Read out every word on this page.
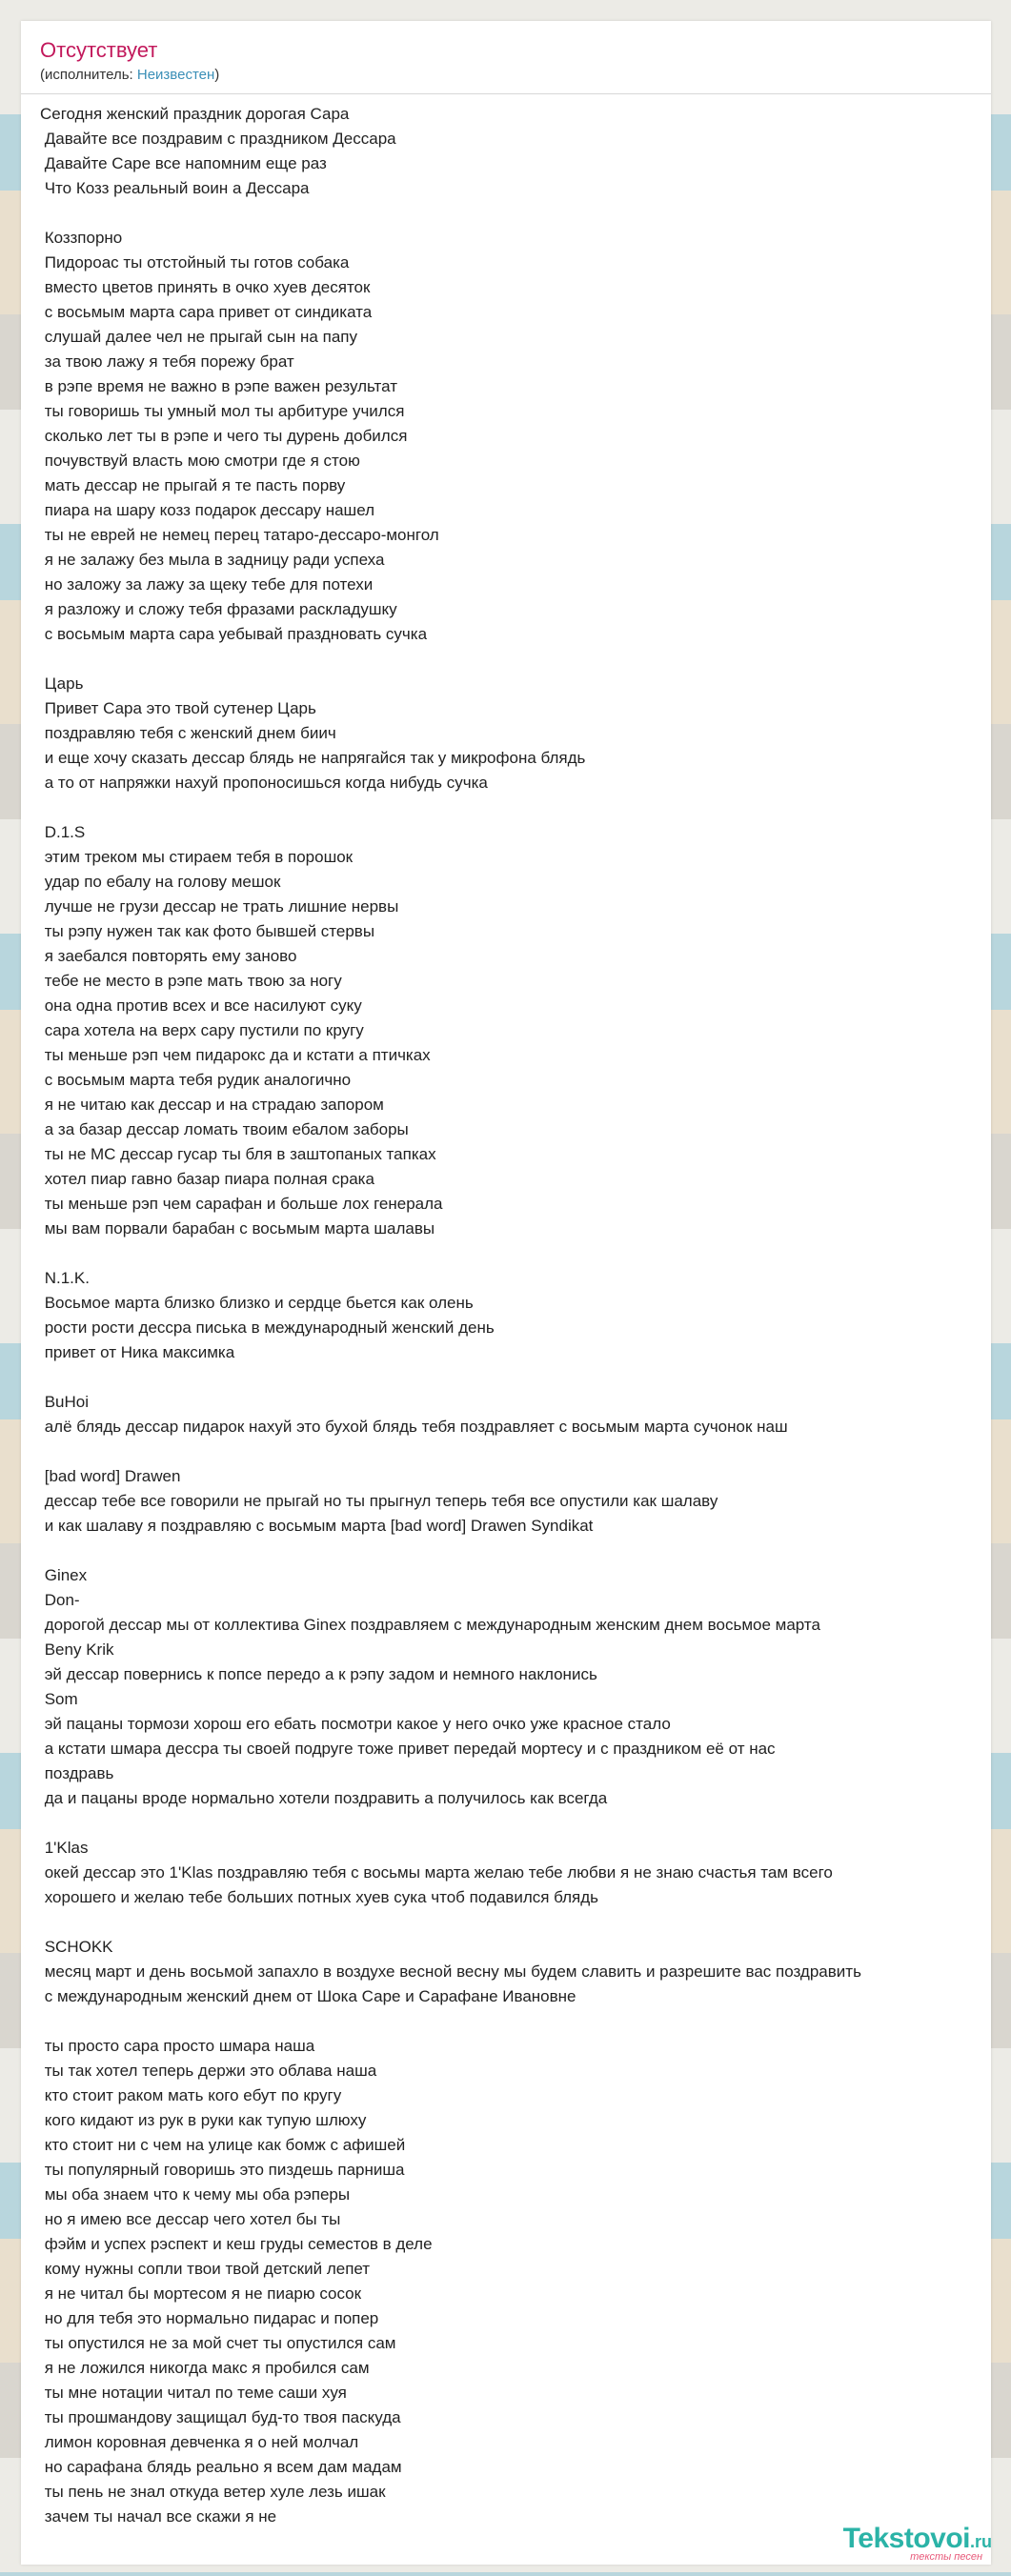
Отсутствует
(исполнитель: Неизвестен)
Сегодня женский праздник дорогая Сара
Давайте все поздравим с праздником Дессара
Давайте Саре все напомним еще раз
Что Козз реальный воин а Дессара
Коззпорно
Пидороас ты отстойный ты готов собака
вместо цветов принять в очко хуев десяток
с восьмым марта сара привет от синдиката
слушай далее чел не прыгай сын на папу
за твою лажу я тебя порежу брат
в рэпе время не важно в рэпе важен результат
ты говоришь ты умный мол ты арбитуре учился
сколько лет ты в рэпе и чего ты дурень добился
почувствуй власть мою смотри где я стою
мать дессар не прыгай я те пасть порву
пиара на шару козз подарок дессару нашел
ты не еврей не немец перец татаро-дессаро-монгол
я не залажу без мыла в задницу ради успеха
но заложу за лажу за щеку тебе для потехи
я разложу и сложу тебя фразами раскладушку
с восьмым марта сара уебывай праздновать сучка
Царь
Привет Сара это твой сутенер Царь
поздравляю тебя с женский днем биич
и еще хочу сказать дессар блядь не напрягайся так у микрофона блядь
а то от напряжки нахуй пропоносишься когда нибудь сучка
D.1.S
этим треком мы стираем тебя в порошок
удар по ебалу на голову мешок
лучше не грузи дессар не трать лишние нервы
ты рэпу нужен так как фото бывшей стервы
я заебался повторять ему заново
тебе не место в рэпе мать твою за ногу
она одна против всех и все насилуют суку
сара хотела на верх сару пустили по кругу
ты меньше рэп чем пидарокс да и кстати а птичках
с восьмым марта тебя рудик аналогично
я не читаю как дессар и на страдаю запором
а за базар дессар ломать твоим ебалом заборы
ты не МС дессар гусар ты бля в заштопаных тапках
хотел пиар гавно базар пиара полная срака
ты меньше рэп чем сарафан и больше лох генерала
мы вам порвали барабан с восьмым марта шалавы
N.1.K.
Восьмое марта близко близко и сердце бьется как олень
рости рости дессра писька в международный женский день
привет от Ника максимка
BuHoi
алё блядь дессар пидарок нахуй это бухой блядь тебя поздравляет с восьмым марта сучонок наш
[bad word] Drawen
дессар тебе все говорили не прыгай но ты прыгнул теперь тебя все опустили как шалаву
и как шалаву я поздравляю с восьмым марта [bad word] Drawen Syndikat
Ginex
Don-
дорогой дессар мы от коллектива Ginex поздравляем с международным женским днем восьмое марта
Beny Krik
эй дессар повернись к попсе передо а к рэпу задом и немного наклонись
Som
эй пацаны тормози хорош его ебать посмотри какое у него очко уже красное стало
а кстати шмара дессра ты своей подруге тоже привет передай мортесу и с праздником её от нас
поздравь
да и пацаны вроде нормально хотели поздравить а получилось как всегда
1'Klas
окей дессар это 1'Klas поздравляю тебя с восьмы марта желаю тебе любви я не знаю счастья там всего
хорошего и желаю тебе больших потных хуев сука чтоб подавился блядь
SCHOKK
месяц март и день восьмой запахло в воздухе весной весну мы будем славить и разрешите вас поздравить
с международным женский днем от Шока Саре и Сарафане Ивановне
ты просто сара просто шмара наша
ты так хотел теперь держи это облава наша
кто стоит раком мать кого ебут по кругу
кого кидают из рук в руки как тупую шлюху
кто стоит ни с чем на улице как бомж с афишей
ты популярный говоришь это пиздешь парниша
мы оба знаем что к чему мы оба рэперы
но я имею все дессар чего хотел бы ты
фэйм и успех рэспект и кеш груды семестов в деле
кому нужны сопли твои твой детский лепет
я не читал бы мортесом я не пиарю сосок
но для тебя это нормально пидарас и попер
ты опустился не за мой счет ты опустился сам
я не ложился никогда макс я пробился сам
ты мне нотации читал по теме саши хуя
ты прошмандову защищал буд-то твоя паскуда
лимон коровная девченка я о ней молчал
но сарафана блядь реально я всем дам мадам
ты пень не знал откуда ветер хуле лезь ишак
зачем ты начал все скажи я не
Tekstovoi.ru
тексты песен
